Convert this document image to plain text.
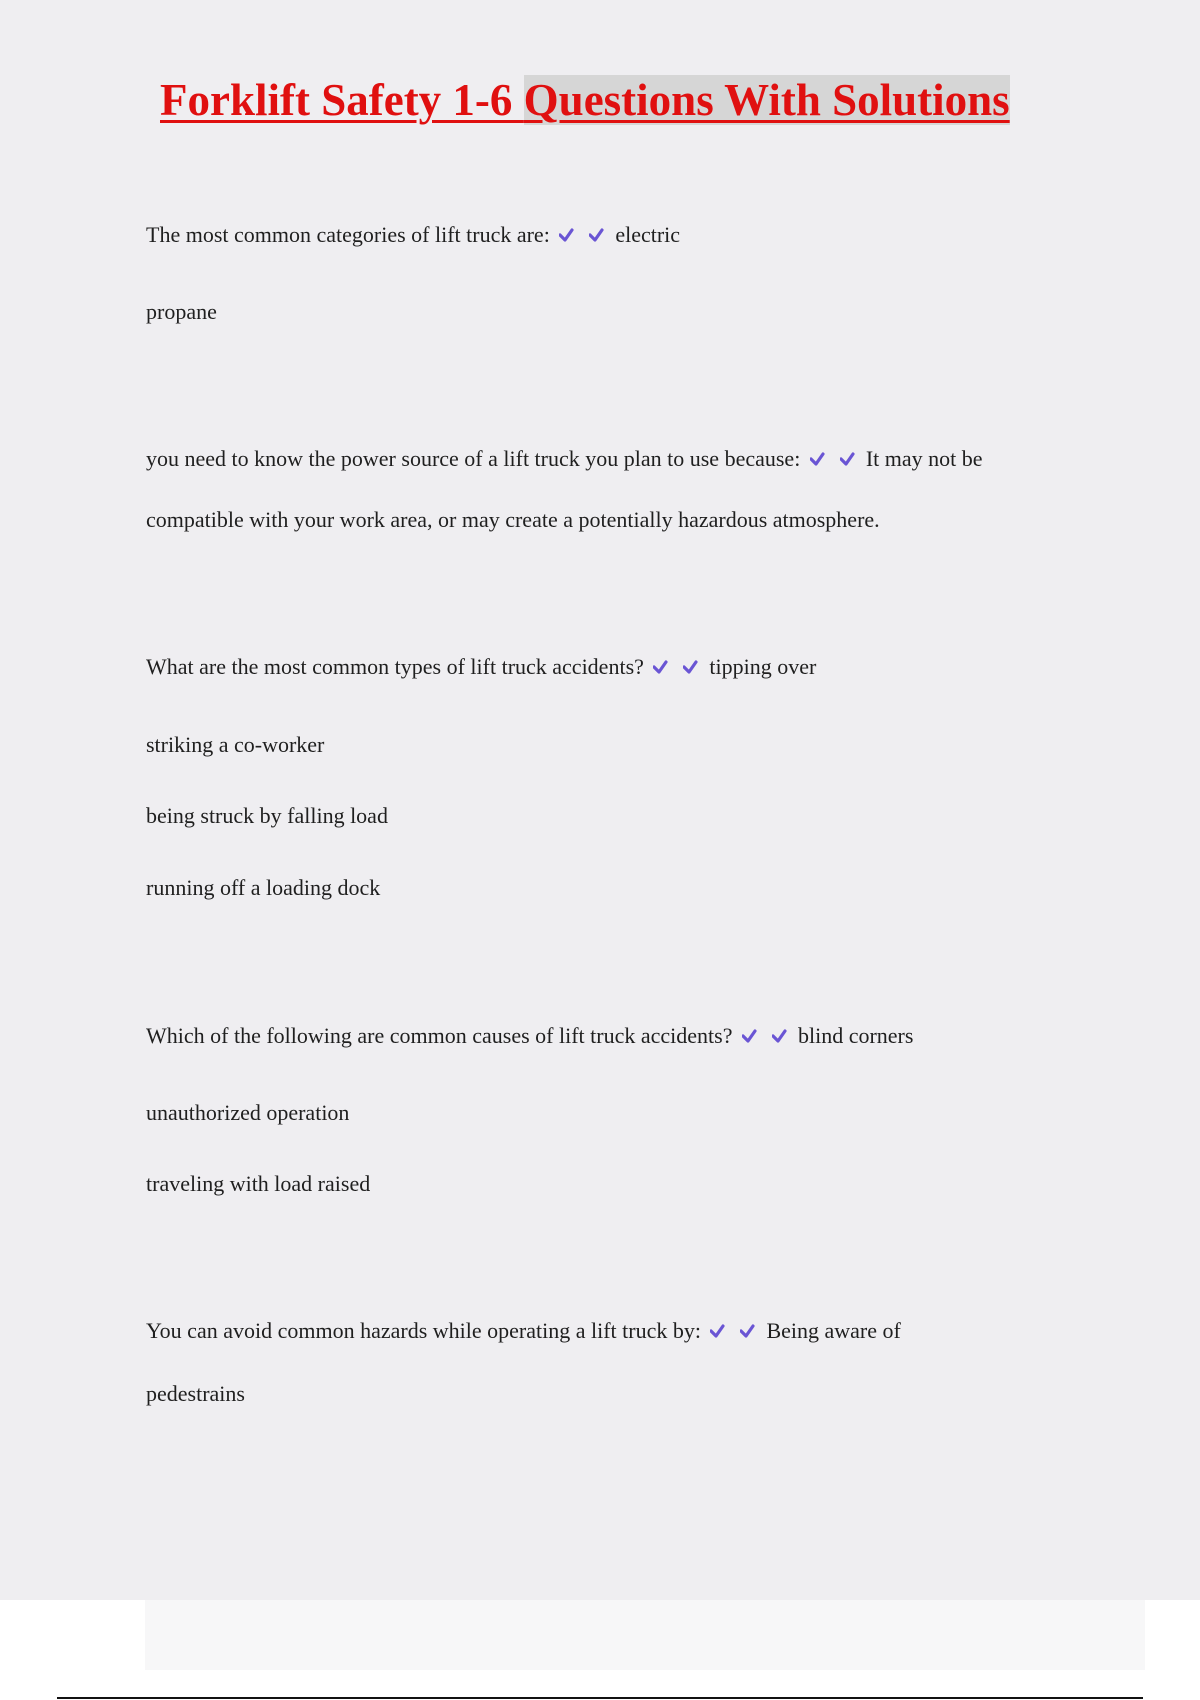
Forklift Safety 1-6 Questions With Solutions

The most common categories of lift truck are:	electric

propane

you need to know the power source of a lift truck you plan to use because:	It may not be

compatible with your work area, or may create a potentially hazardous atmosphere.

What are the most common types of lift truck accidents?	tipping over

striking a co-worker

being struck by falling load

running off a loading dock

Which of the following are common causes of lift truck accidents?	blind corners

unauthorized operation

traveling with load raised

You can avoid common hazards while operating a lift truck by:	Being aware of

pedestrains
